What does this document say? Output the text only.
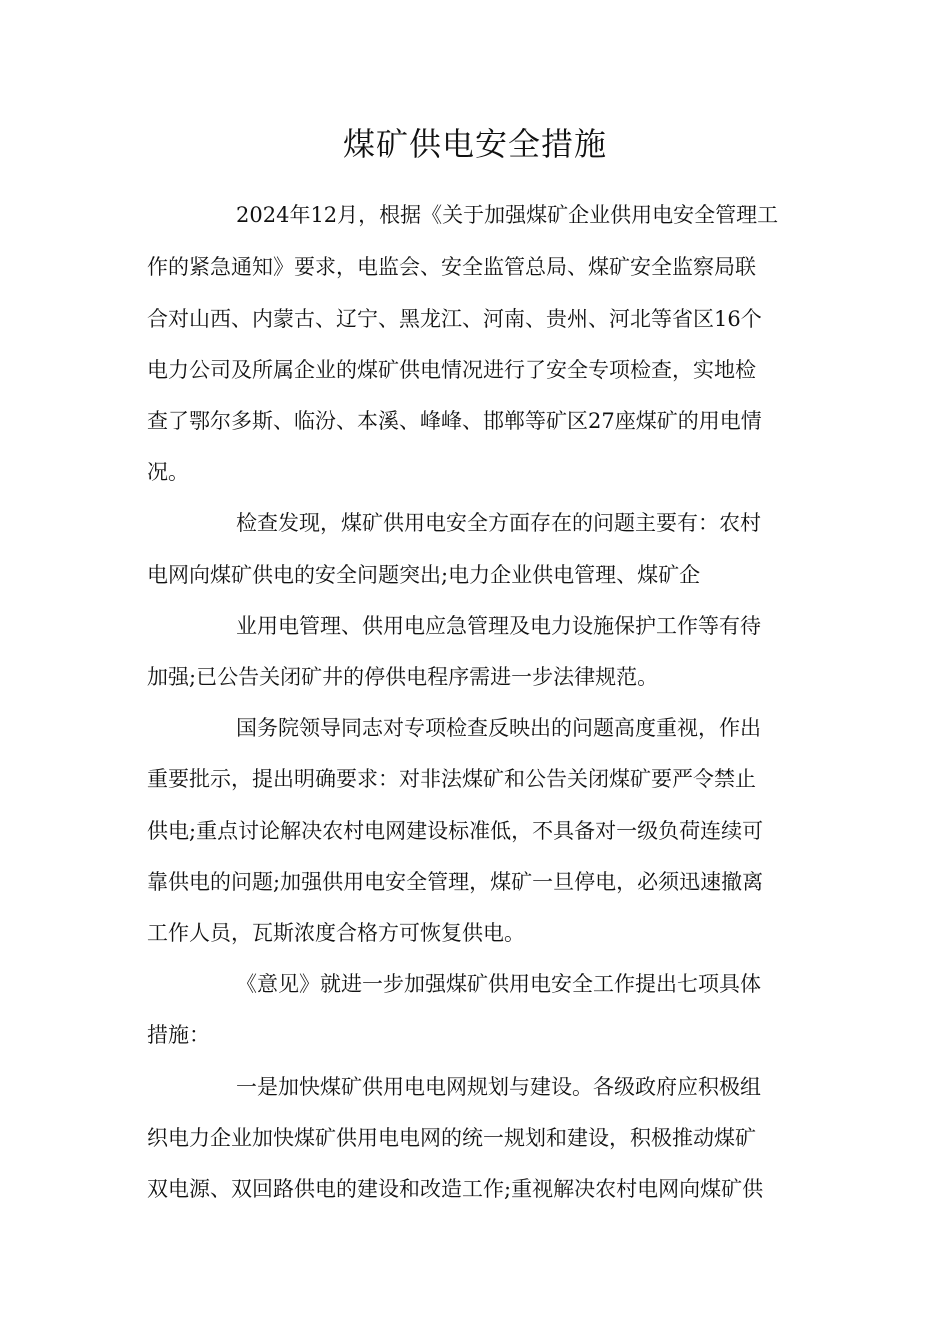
煤矿供电安全措施

2024年12月，根据《关于加强煤矿企业供用电安全管理工

作的紧急通知》要求，电监会、安全监管总局、煤矿安全监察局联

合对山西、内蒙古、辽宁、黑龙江、河南、贵州、河北等省区16个

电力公司及所属企业的煤矿供电情况进行了安全专项检查，实地检

查了鄂尔多斯、临汾、本溪、峰峰、邯郸等矿区27座煤矿的用电情

况。

检查发现，煤矿供用电安全方面存在的问题主要有：农村

电网向煤矿供电的安全问题突出;电力企业供电管理、煤矿企

业用电管理、供用电应急管理及电力设施保护工作等有待

加强;已公告关闭矿井的停供电程序需进一步法律规范。

国务院领导同志对专项检查反映出的问题高度重视，作出

重要批示，提出明确要求：对非法煤矿和公告关闭煤矿要严令禁止

供电;重点讨论解决农村电网建设标准低，不具备对一级负荷连续可

靠供电的问题;加强供用电安全管理，煤矿一旦停电，必须迅速撤离

工作人员，瓦斯浓度合格方可恢复供电。

《意见》就进一步加强煤矿供用电安全工作提出七项具体

措施：

一是加快煤矿供用电电网规划与建设。各级政府应积极组

织电力企业加快煤矿供用电电网的统一规划和建设，积极推动煤矿

双电源、双回路供电的建设和改造工作;重视解决农村电网向煤矿供
